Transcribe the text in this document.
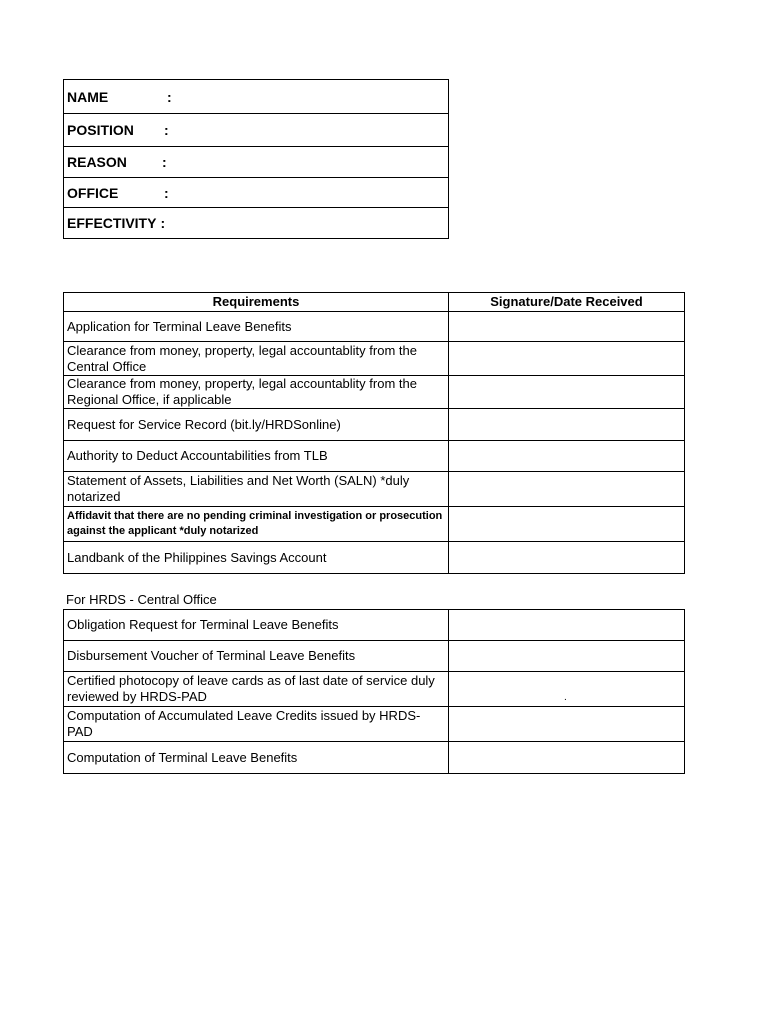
NAME	:
POSITION	:
REASON	:
OFFICE	:
EFFECTIVITY :
Requirements	Signature/Date Received
Application for Terminal Leave Benefits	
Clearance from money, property, legal accountablity from the Central Office	
Clearance from money, property, legal accountablity from the Regional Office, if applicable	
Request for Service Record (bit.ly/HRDSonline)	
Authority to Deduct Accountabilities from TLB	
Statement of Assets, Liabilities and Net Worth (SALN) *duly notarized	
Affidavit that there are no pending criminal investigation or prosecution against the applicant *duly notarized	
Landbank of the Philippines Savings Account	
For HRDS - Central Office
Obligation Request for Terminal Leave Benefits	
Disbursement Voucher of Terminal Leave Benefits	
Certified photocopy of leave cards as of last date of service duly reviewed by HRDS-PAD	.

Computation of Accumulated Leave Credits issued by HRDS-PAD	
Computation of Terminal Leave Benefits	
